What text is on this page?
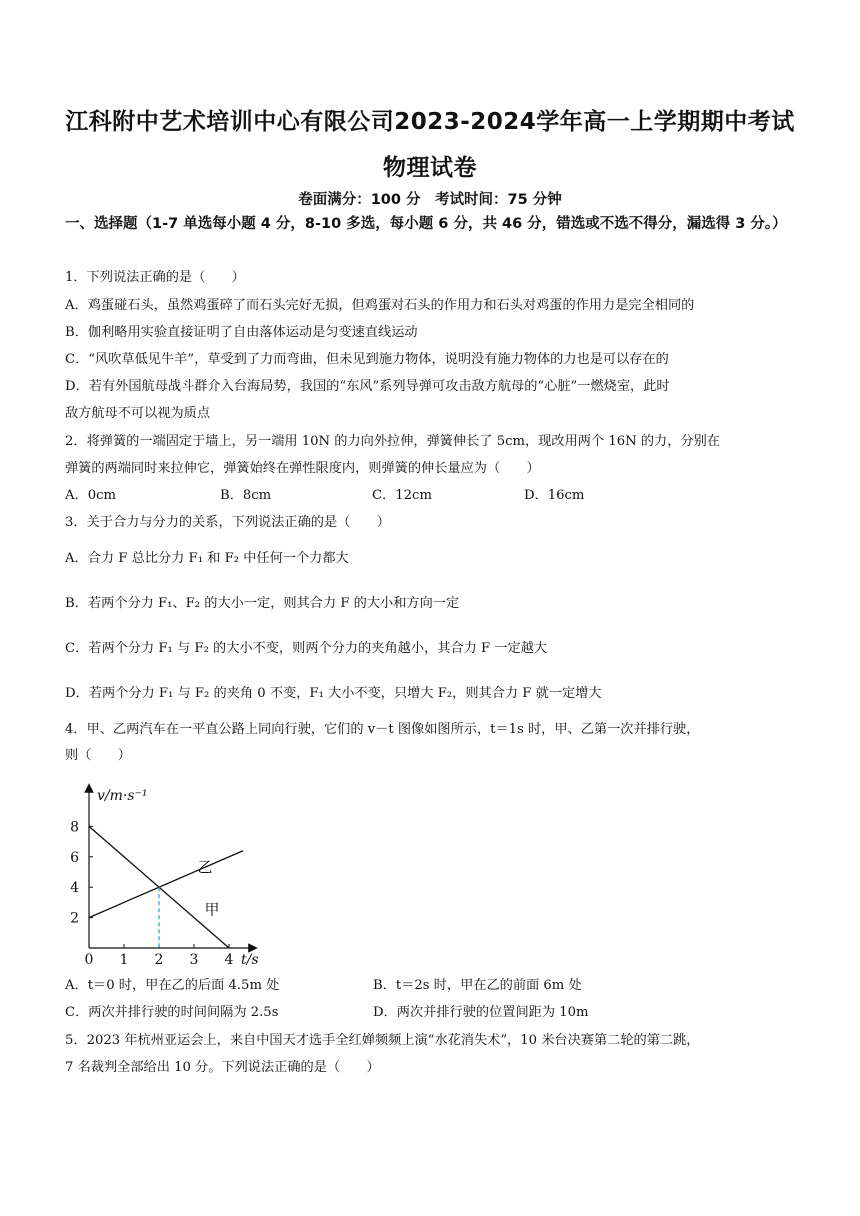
江科附中艺术培训中心有限公司2023-2024学年高一上学期期中考试
物理试卷
卷面满分：100 分　考试时间：75 分钟
一、选择题（1-7 单选每小题 4 分，8-10 多选，每小题 6 分，共 46 分，错选或不选不得分，漏选得 3 分。）
1．下列说法正确的是（　　）
A．鸡蛋碰石头，虽然鸡蛋碎了而石头完好无损，但鸡蛋对石头的作用力和石头对鸡蛋的作用力是完全相同的
B．伽利略用实验直接证明了自由落体运动是匀变速直线运动
C．“风吹草低见牛羊”，草受到了力而弯曲，但未见到施力物体，说明没有施力物体的力也是可以存在的
D．若有外国航母战斗群介入台海局势，我国的“东风”系列导弹可攻击敌方航母的“心脏”一燃烧室，此时
敌方航母不可以视为质点
2．将弹簧的一端固定于墙上，另一端用 10N 的力向外拉伸，弹簧伸长了 5cm，现改用两个 16N 的力，分别在
弹簧的两端同时来拉伸它，弹簧始终在弹性限度内，则弹簧的伸长量应为（　　）
A．0cm	B．8cm	C．12cm	D．16cm
3．关于合力与分力的关系，下列说法正确的是（　　）
A．合力 F 总比分力 F₁ 和 F₂ 中任何一个力都大
B．若两个分力 F₁、F₂ 的大小一定，则其合力 F 的大小和方向一定
C．若两个分力 F₁ 与 F₂ 的大小不变，则两个分力的夹角越小，其合力 F 一定越大
D．若两个分力 F₁ 与 F₂ 的夹角 0 不变，F₁ 大小不变，只增大 F₂，则其合力 F 就一定增大
4．甲、乙两汽车在一平直公路上同向行驶，它们的 v－t 图像如图所示，t＝1s 时，甲、乙第一次并排行驶，
则（　　）
0 1 2 3 4
2
4
6
8
甲
乙
v/m·s⁻¹
t/s
A．t＝0 时，甲在乙的后面 4.5m 处	B．t＝2s 时，甲在乙的前面 6m 处
C．两次并排行驶的时间间隔为 2.5s	D．两次并排行驶的位置间距为 10m
5．2023 年杭州亚运会上，来自中国天才选手全红婵频频上演“水花消失术”，10 米台决赛第二轮的第二跳，
7 名裁判全部给出 10 分。下列说法正确的是（　　）
